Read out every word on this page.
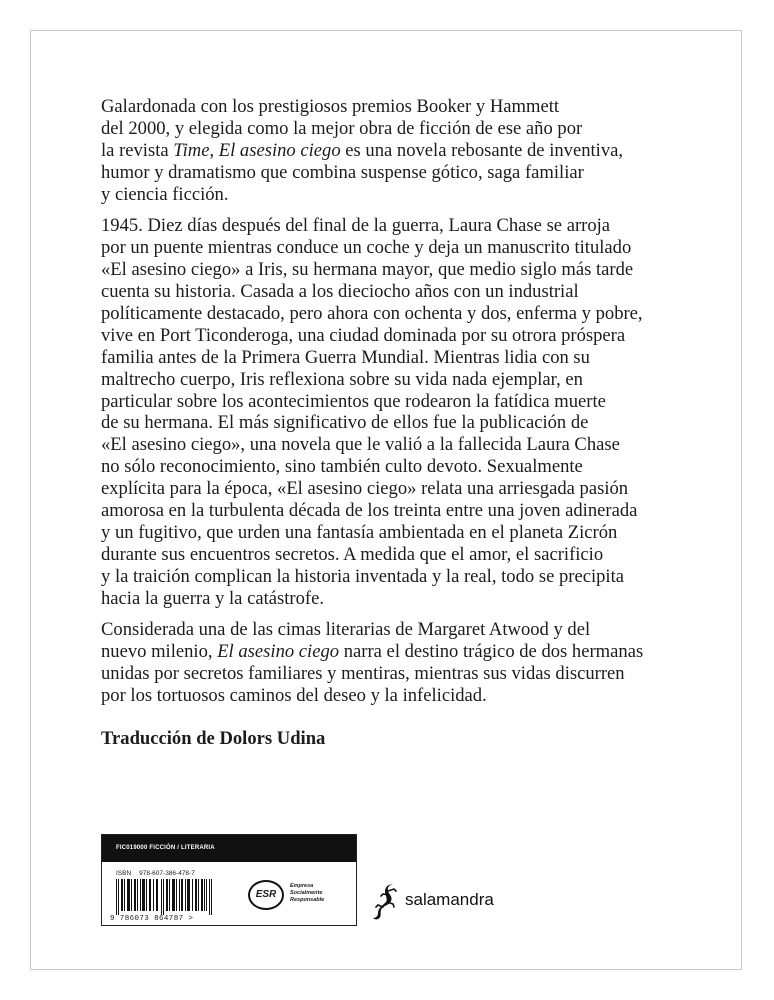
Galardonada con los prestigiosos premios Booker y Hammett
del 2000, y elegida como la mejor obra de ficción de ese año por
la revista Time, El asesino ciego es una novela rebosante de inventiva,
humor y dramatismo que combina suspense gótico, saga familiar
y ciencia ficción.
1945. Diez días después del final de la guerra, Laura Chase se arroja
por un puente mientras conduce un coche y deja un manuscrito titulado
«El asesino ciego» a Iris, su hermana mayor, que medio siglo más tarde
cuenta su historia. Casada a los dieciocho años con un industrial
políticamente destacado, pero ahora con ochenta y dos, enferma y pobre,
vive en Port Ticonderoga, una ciudad dominada por su otrora próspera
familia antes de la Primera Guerra Mundial. Mientras lidia con su
maltrecho cuerpo, Iris reflexiona sobre su vida nada ejemplar, en
particular sobre los acontecimientos que rodearon la fatídica muerte
de su hermana. El más significativo de ellos fue la publicación de
«El asesino ciego», una novela que le valió a la fallecida Laura Chase
no sólo reconocimiento, sino también culto devoto. Sexualmente
explícita para la época, «El asesino ciego» relata una arriesgada pasión
amorosa en la turbulenta década de los treinta entre una joven adinerada
y un fugitivo, que urden una fantasía ambientada en el planeta Zicrón
durante sus encuentros secretos. A medida que el amor, el sacrificio
y la traición complican la historia inventada y la real, todo se precipita
hacia la guerra y la catástrofe.
Considerada una de las cimas literarias de Margaret Atwood y del
nuevo milenio, El asesino ciego narra el destino trágico de dos hermanas
unidas por secretos familiares y mentiras, mientras sus vidas discurren
por los tortuosos caminos del deseo y la infelicidad.
Traducción de Dolors Udina
FIC019000 FICCIÓN / LITERARIA
ISBN 978-607-386-478-7
9 786073 864787 >
ESR
Empresa
Socialmente
Responsable	salamandra
